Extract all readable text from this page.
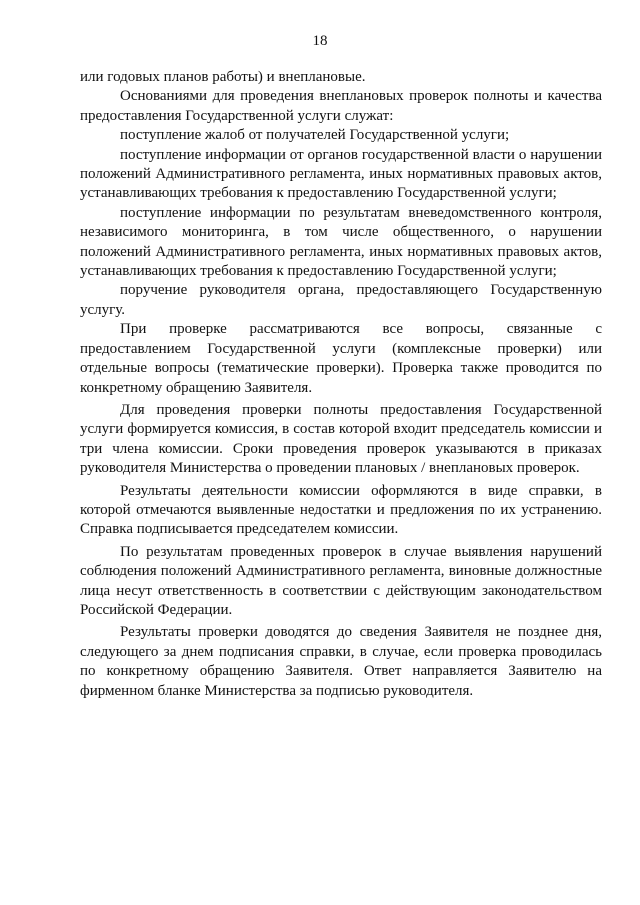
18

или годовых планов работы) и внеплановые.

Основаниями для проведения внеплановых проверок полноты и качества предоставления Государственной услуги служат:

поступление жалоб от получателей Государственной услуги;

поступление информации от органов государственной власти о нарушении положений Административного регламента, иных нормативных правовых актов, устанавливающих требования к предоставлению Государственной услуги;

поступление информации по результатам вневедомственного контроля, независимого мониторинга, в том числе общественного, о нарушении положений Административного регламента, иных нормативных правовых актов, устанавливающих требования к предоставлению Государственной услуги;

поручение руководителя органа, предоставляющего Государственную услугу.

При проверке рассматриваются все вопросы, связанные с предоставлением Государственной услуги (комплексные проверки) или отдельные вопросы (тематические проверки). Проверка также проводится по конкретному обращению Заявителя.

Для проведения проверки полноты предоставления Государственной услуги формируется комиссия, в состав которой входит председатель комиссии и три члена комиссии. Сроки проведения проверок указываются в приказах руководителя Министерства о проведении плановых / внеплановых проверок.

Результаты деятельности комиссии оформляются в виде справки, в которой отмечаются выявленные недостатки и предложения по их устранению. Справка подписывается председателем комиссии.

По результатам проведенных проверок в случае выявления нарушений соблюдения положений Административного регламента, виновные должностные лица несут ответственность в соответствии с действующим законодательством Российской Федерации.

Результаты проверки доводятся до сведения Заявителя не позднее дня, следующего за днем подписания справки, в случае, если проверка проводилась по конкретному обращению Заявителя. Ответ направляется Заявителю на фирменном бланке Министерства за подписью руководителя.
